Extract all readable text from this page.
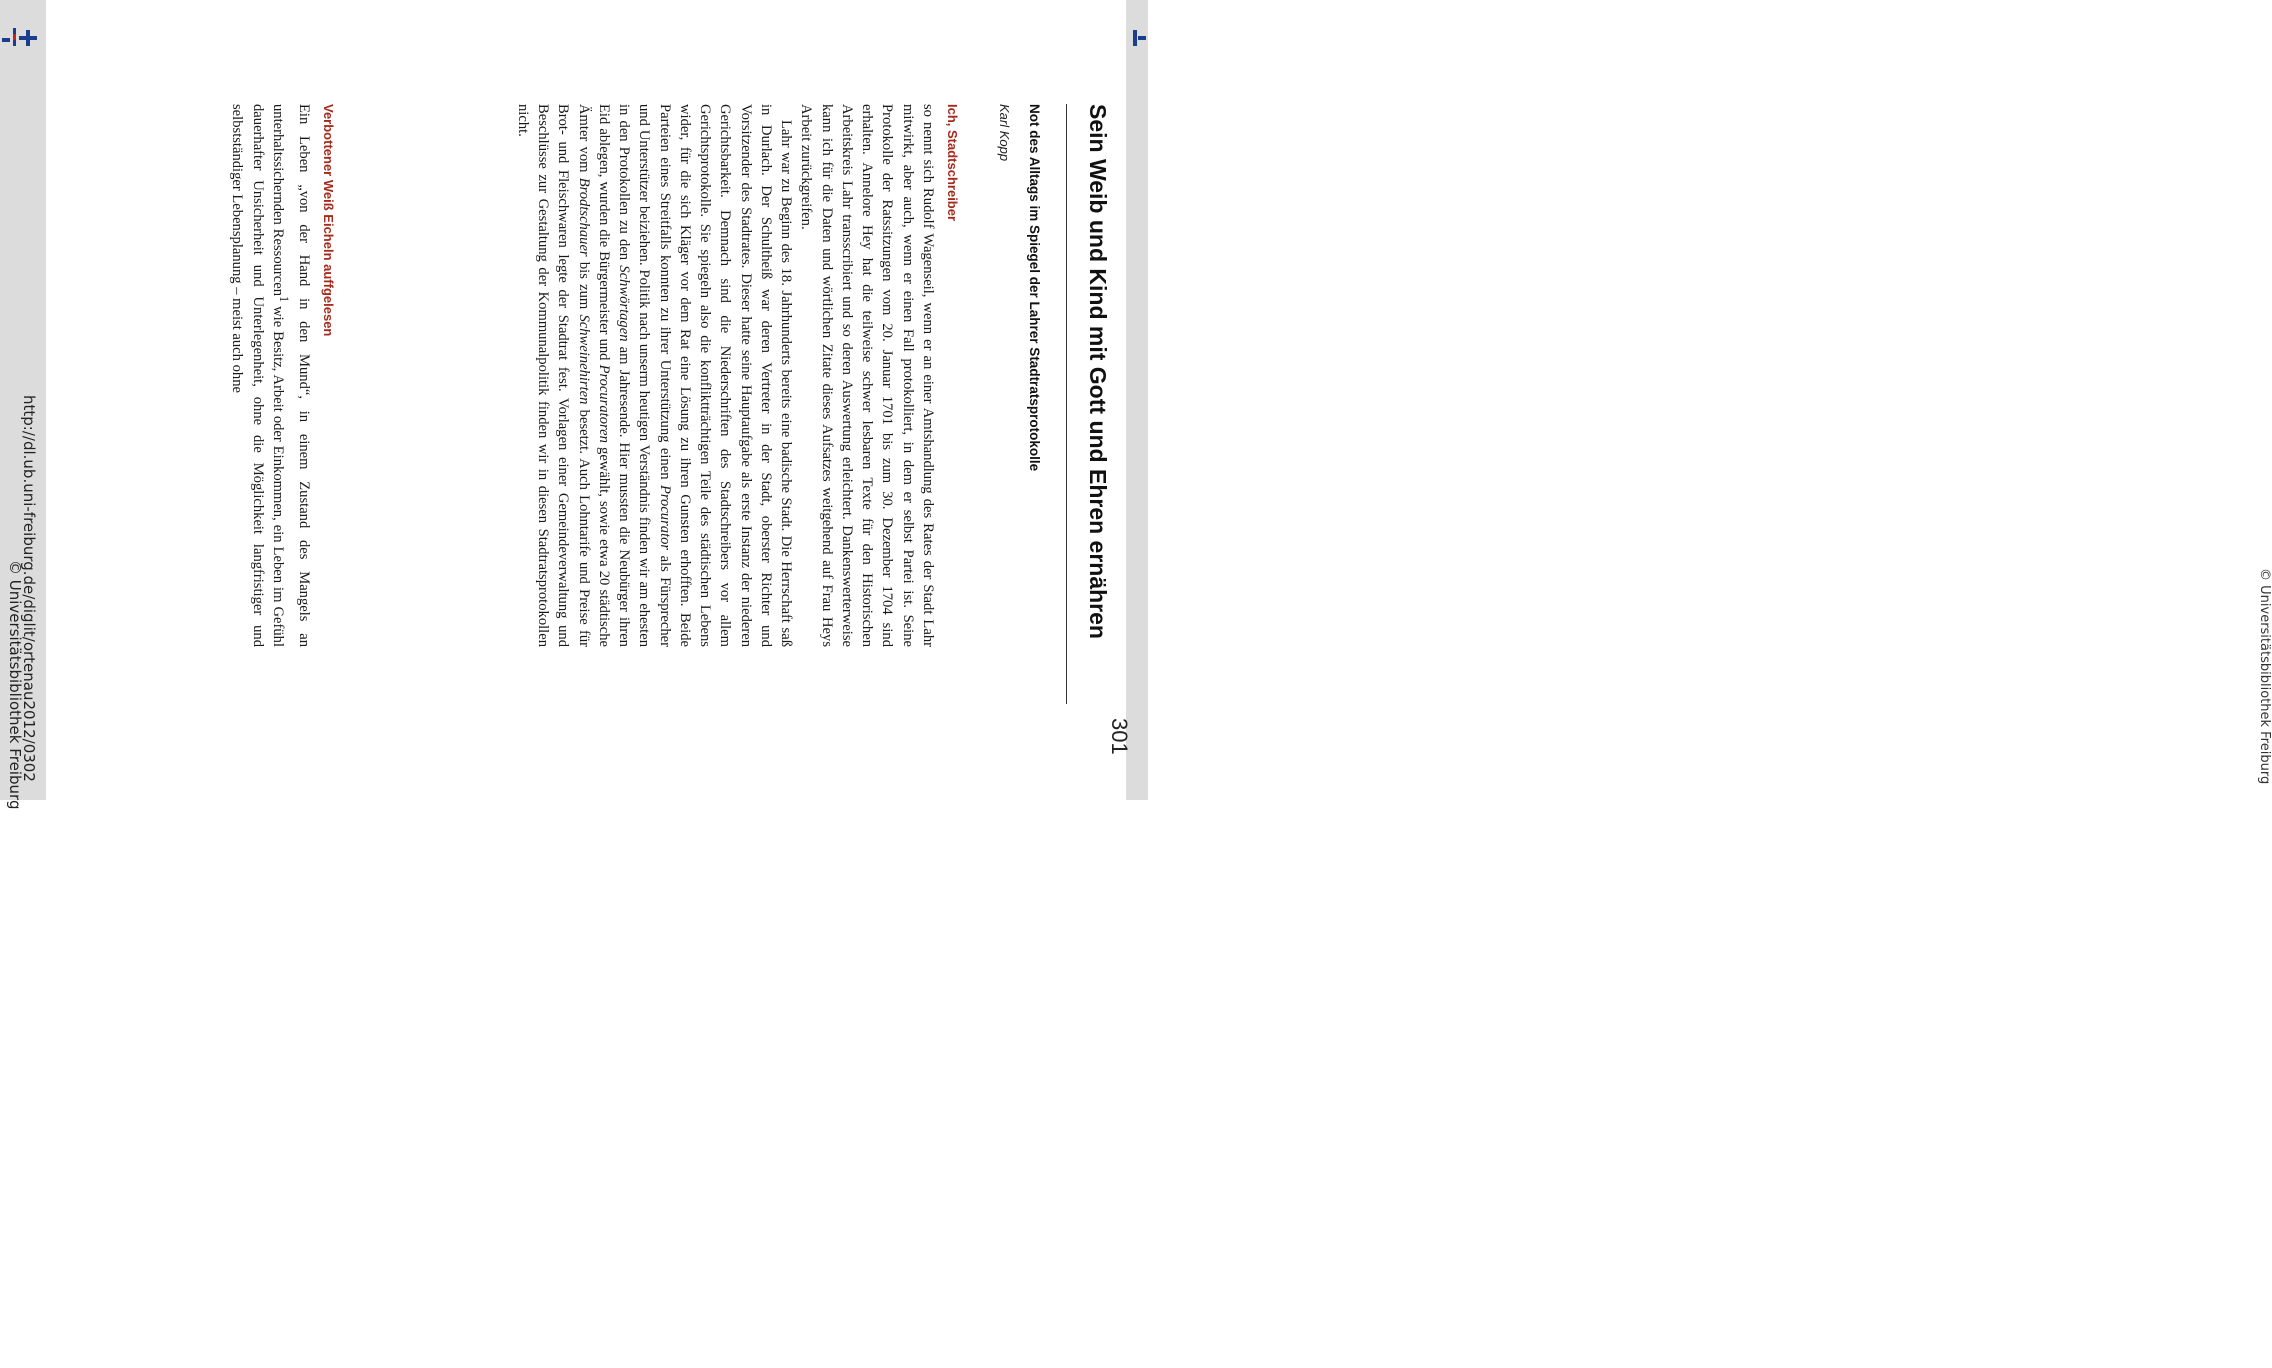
http://dl.ub.uni-freiburg.de/diglit/ortenau2012/0302
© Universitätsbibliothek Freiburg	© Universitätsbibliothek Freiburg
301
Sein Weib und Kind mit Gott und Ehren ernähren
Not des Alltags im Spiegel der Lahrer Stadtratsprotokolle
Karl Kopp
Ich, Stadtschreiber

so nennt sich Rudolf Wagenseil, wenn er an einer Amtshandlung des Rates der Stadt Lahr mitwirkt, aber auch, wenn er einen Fall protokolliert, in dem er selbst Partei ist. Seine Protokolle der Ratssitzungen vom 20. Januar 1701 bis zum 30. Dezember 1704 sind erhalten. Annelore Hey hat die teilweise schwer lesbaren Texte für den Historischen Arbeitskreis Lahr transscribiert und so deren Auswertung erleichtert. Dankenswerterweise kann ich für die Daten und wörtlichen Zitate dieses Aufsatzes weitgehend auf Frau Heys Arbeit zurückgreifen.

Lahr war zu Beginn des 18. Jahrhunderts bereits eine badische Stadt. Die Herrschaft saß in Durlach. Der Schultheiß war deren Vertreter in der Stadt, oberster Richter und Vorsitzender des Stadtrates. Dieser hatte seine Hauptaufgabe als erste Instanz der niederen Gerichtsbarkeit. Demnach sind die Niederschriften des Stadtschreibers vor allem Gerichtsprotokolle. Sie spiegeln also die konfliktträchtigen Teile des städtischen Lebens wider, für die sich Kläger vor dem Rat eine Lösung zu ihren Gunsten erhofften. Beide Parteien eines Streitfalls konnten zu ihrer Unterstützung einen Procurator als Fürsprecher und Unterstützer beiziehen. Politik nach unserm heutigen Verständnis finden wir am ehesten in den Protokollen zu den Schwörtagen am Jahresende. Hier mussten die Neubürger ihren Eid ablegen, wurden die Bürgermeister und Procuratoren gewählt, sowie etwa 20 städtische Ämter vom Brodtschauer bis zum Schweinehirten besetzt. Auch Lohntarife und Preise für Brot- und Fleischwaren legte der Stadtrat fest. Vorlagen einer Gemeindeverwaltung und Beschlüsse zur Gestaltung der Kommunalpolitik finden wir in diesen Stadtratsprotokollen nicht.

Verbottener Weiß Eicheln auffgelesen

Ein Leben „von der Hand in den Mund“, in einem Zustand des Mangels an unterhaltssichernden Ressourcen$^1$ wie Besitz, Arbeit oder Einkommen, ein Leben im Gefühl dauerhafter Unsicherheit und Unterlegenheit, ohne die Möglichkeit langfristiger und selbstständiger Lebensplanung – meist auch ohne
